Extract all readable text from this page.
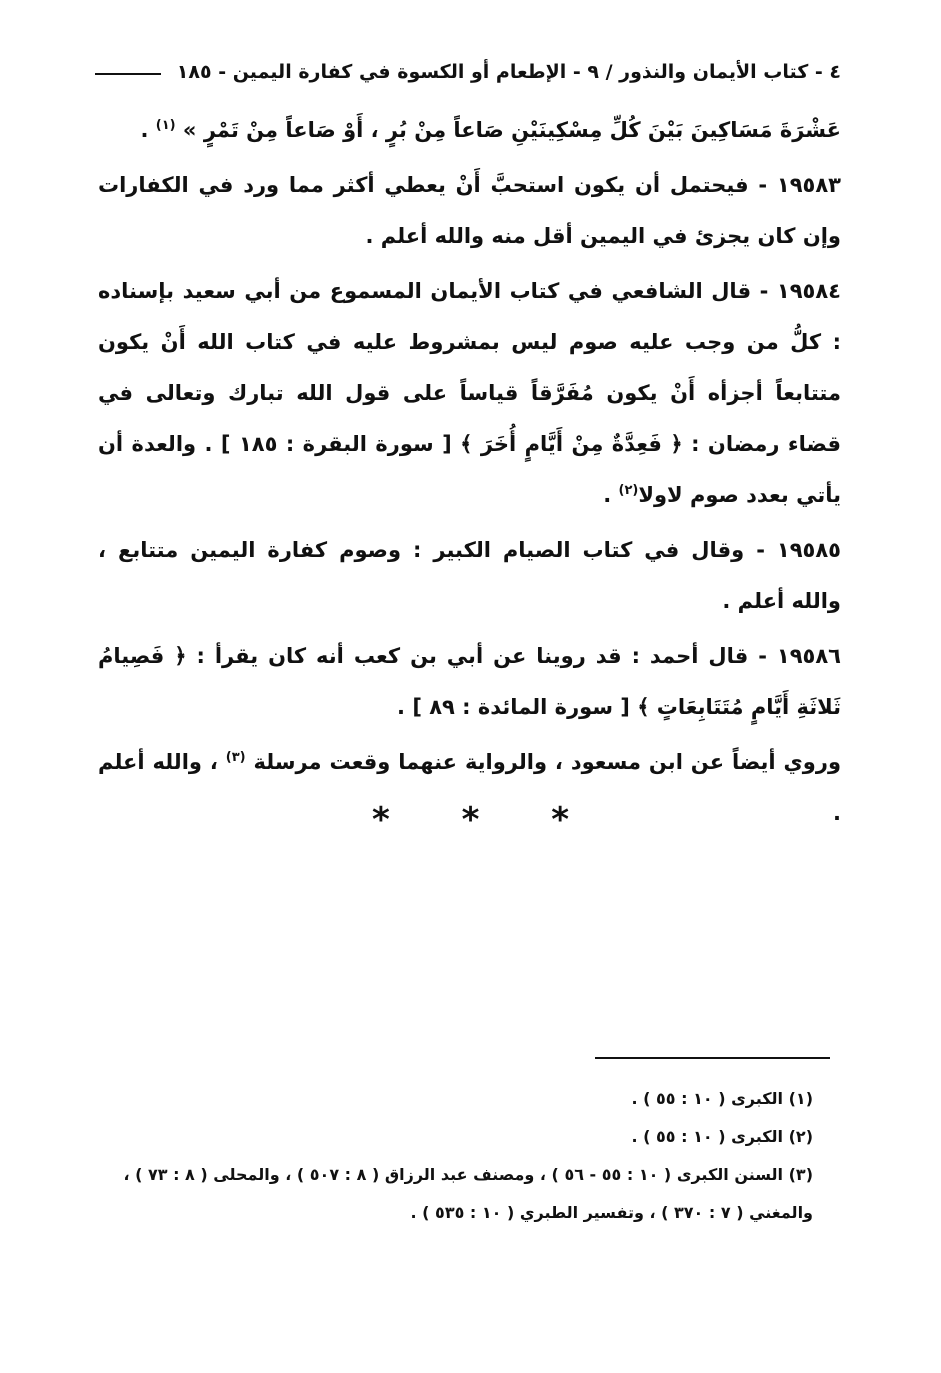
٤ - كتاب الأيمان والنذور / ٩ - الإطعام أو الكسوة في كفارة اليمين - ١٨٥

عَشْرَةَ مَسَاكِينَ بَيْنَ كُلِّ مِسْكِينَيْنِ صَاعاً مِنْ بُرٍ ، أَوْ صَاعاً مِنْ تَمْرٍ » $^{(١)}$ .

١٩٥٨٣ - فيحتمل أن يكون استحبَّ أَنْ يعطي أكثر مما ورد في الكفارات وإن كان يجزئ في اليمين أقل منه والله أعلم .

١٩٥٨٤ - قال الشافعي في كتاب الأيمان المسموع من أبي سعيد بإسناده : كلُّ من وجب عليه صوم ليس بمشروط عليه في كتاب الله أَنْ يكون متتابعاً أجزأه أَنْ يكون مُفَرَّقاً قياساً على قول الله تبارك وتعالى في قضاء رمضان : ﴿ فَعِدَّةٌ مِنْ أَيَّامٍ أُخَرَ ﴾ [ سورة البقرة : ١٨٥ ] . والعدة أن يأتي بعدد صوم لاولا$^{(٢)}$ .

١٩٥٨٥ - وقال في كتاب الصيام الكبير : وصوم كفارة اليمين متتابع ، والله أعلم .

١٩٥٨٦ - قال أحمد : قد روينا عن أبي بن كعب أنه كان يقرأ : ﴿ فَصِيامُ ثَلاثَةِ أَيَّامٍ مُتَتَابِعَاتٍ ﴾ [ سورة المائدة : ٨٩ ] .

وروي أيضاً عن ابن مسعود ، والرواية عنهما وقعت مرسلة $^{(٣)}$ ، والله أعلم .

* * *

(١) الكبرى ( ١٠ : ٥٥ ) .

(٢) الكبرى ( ١٠ : ٥٥ ) .

(٣) السنن الكبرى ( ١٠ : ٥٥ - ٥٦ ) ، ومصنف عبد الرزاق ( ٨ : ٥٠٧ ) ، والمحلى ( ٨ : ٧٣ ) ، والمغني ( ٧ : ٣٧٠ ) ، وتفسير الطبري ( ١٠ : ٥٣٥ ) .
